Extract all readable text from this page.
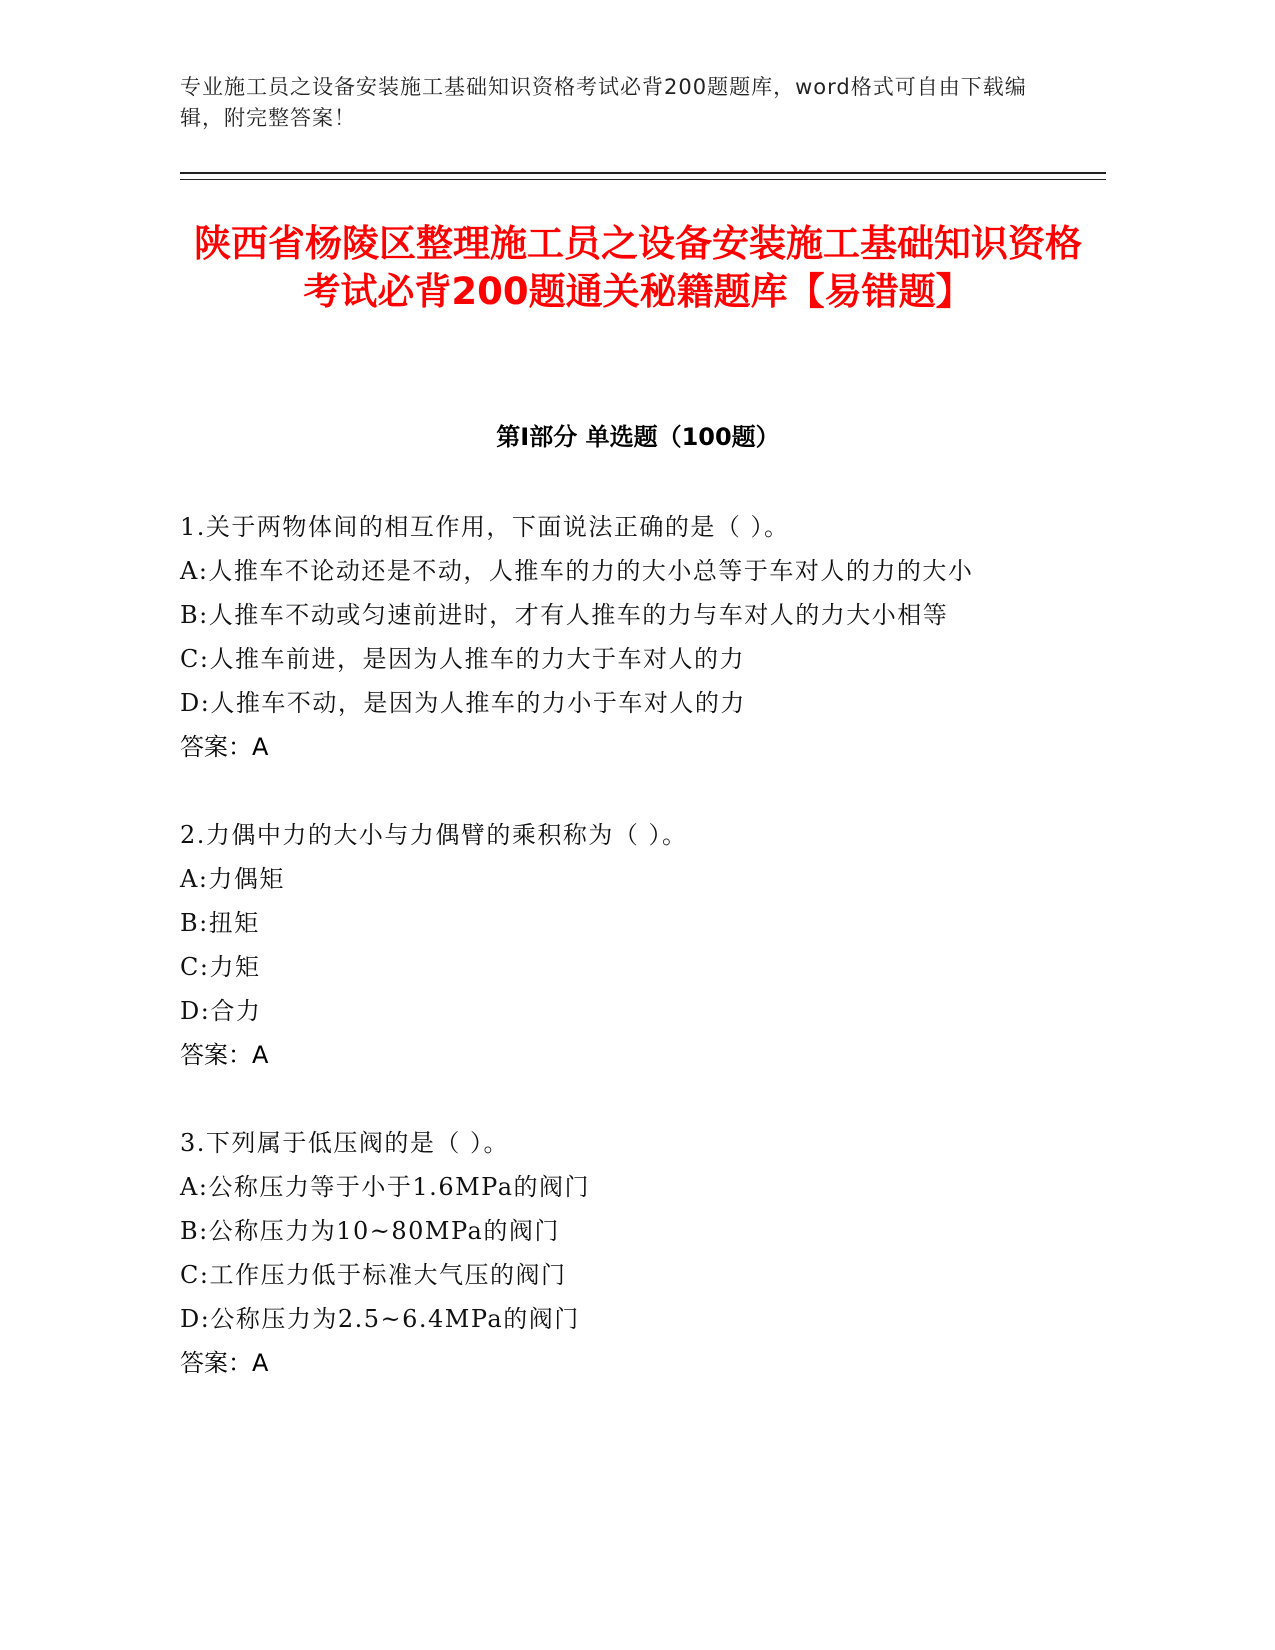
专业施工员之设备安装施工基础知识资格考试必背200题题库，word格式可自由下载编辑，附完整答案！
陕西省杨陵区整理施工员之设备安装施工基础知识资格考试必背200题通关秘籍题库【易错题】
第Ⅰ部分 单选题（100题）
1.关于两物体间的相互作用，下面说法正确的是（ ）。
A:人推车不论动还是不动，人推车的力的大小总等于车对人的力的大小
B:人推车不动或匀速前进时，才有人推车的力与车对人的力大小相等
C:人推车前进，是因为人推车的力大于车对人的力
D:人推车不动，是因为人推车的力小于车对人的力
答案：A
2.力偶中力的大小与力偶臂的乘积称为（ ）。
A:力偶矩
B:扭矩
C:力矩
D:合力
答案：A
3.下列属于低压阀的是（ ）。
A:公称压力等于小于1.6MPa的阀门
B:公称压力为10~80MPa的阀门
C:工作压力低于标准大气压的阀门
D:公称压力为2.5~6.4MPa的阀门
答案：A
